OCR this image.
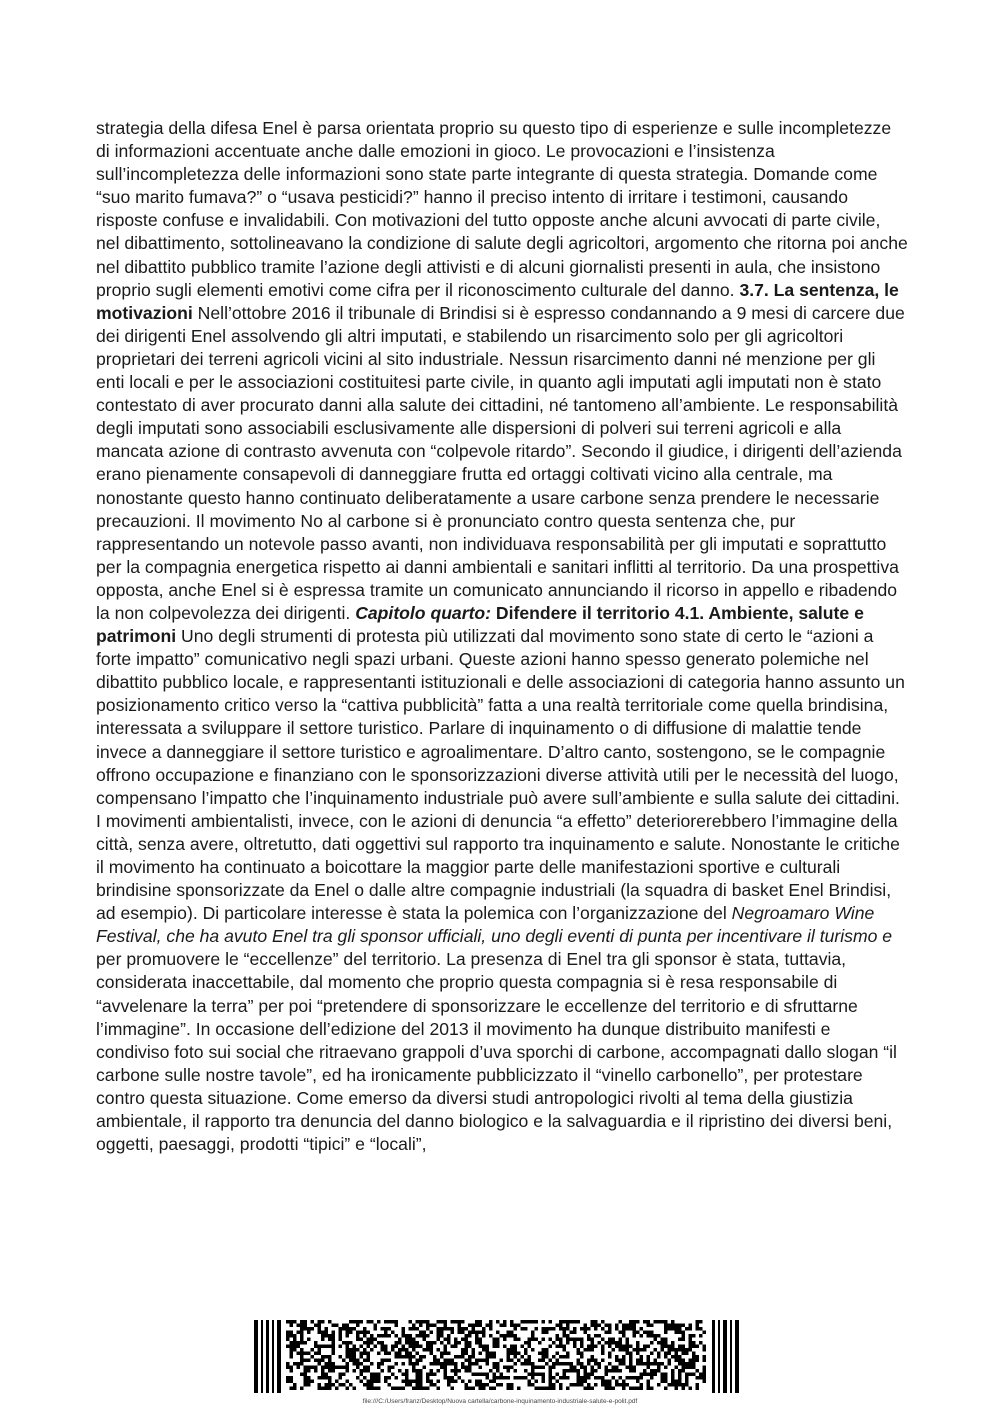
strategia della difesa Enel è parsa orientata proprio su questo tipo di esperienze e sulle incompletezze di informazioni accentuate anche dalle emozioni in gioco. Le provocazioni e l’insistenza sull’incompletezza delle informazioni sono state parte integrante di questa strategia. Domande come “suo marito fumava?” o “usava pesticidi?” hanno il preciso intento di irritare i testimoni, causando risposte confuse e invalidabili. Con motivazioni del tutto opposte anche alcuni avvocati di parte civile, nel dibattimento, sottolineavano la condizione di salute degli agricoltori, argomento che ritorna poi anche nel dibattito pubblico tramite l’azione degli attivisti e di alcuni giornalisti presenti in aula, che insistono proprio sugli elementi emotivi come cifra per il riconoscimento culturale del danno. 3.7. La sentenza, le motivazioni Nell’ottobre 2016 il tribunale di Brindisi si è espresso condannando a 9 mesi di carcere due dei dirigenti Enel assolvendo gli altri imputati, e stabilendo un risarcimento solo per gli agricoltori proprietari dei terreni agricoli vicini al sito industriale. Nessun risarcimento danni né menzione per gli enti locali e per le associazioni costituitesi parte civile, in quanto agli imputati agli imputati non è stato contestato di aver procurato danni alla salute dei cittadini, né tantomeno all’ambiente. Le responsabilità degli imputati sono associabili esclusivamente alle dispersioni di polveri sui terreni agricoli e alla mancata azione di contrasto avvenuta con “colpevole ritardo”. Secondo il giudice, i dirigenti dell’azienda erano pienamente consapevoli di danneggiare frutta ed ortaggi coltivati vicino alla centrale, ma nonostante questo hanno continuato deliberatamente a usare carbone senza prendere le necessarie precauzioni. Il movimento No al carbone si è pronunciato contro questa sentenza che, pur rappresentando un notevole passo avanti, non individuava responsabilità per gli imputati e soprattutto per la compagnia energetica rispetto ai danni ambientali e sanitari inflitti al territorio. Da una prospettiva opposta, anche Enel si è espressa tramite un comunicato annunciando il ricorso in appello e ribadendo la non colpevolezza dei dirigenti. Capitolo quarto: Difendere il territorio 4.1. Ambiente, salute e patrimoni Uno degli strumenti di protesta più utilizzati dal movimento sono state di certo le “azioni a forte impatto” comunicativo negli spazi urbani. Queste azioni hanno spesso generato polemiche nel dibattito pubblico locale, e rappresentanti istituzionali e delle associazioni di categoria hanno assunto un posizionamento critico verso la “cattiva pubblicità” fatta a una realtà territoriale come quella brindisina, interessata a sviluppare il settore turistico. Parlare di inquinamento o di diffusione di malattie tende invece a danneggiare il settore turistico e agroalimentare. D’altro canto, sostengono, se le compagnie offrono occupazione e finanziano con le sponsorizzazioni diverse attività utili per le necessità del luogo, compensano l’impatto che l’inquinamento industriale può avere sull’ambiente e sulla salute dei cittadini. I movimenti ambientalisti, invece, con le azioni di denuncia “a effetto” deteriorerebbero l’immagine della città, senza avere, oltretutto, dati oggettivi sul rapporto tra inquinamento e salute. Nonostante le critiche il movimento ha continuato a boicottare la maggior parte delle manifestazioni sportive e culturali brindisine sponsorizzate da Enel o dalle altre compagnie industriali (la squadra di basket Enel Brindisi, ad esempio). Di particolare interesse è stata la polemica con l’organizzazione del Negroamaro Wine Festival, che ha avuto Enel tra gli sponsor ufficiali, uno degli eventi di punta per incentivare il turismo e per promuovere le “eccellenze” del territorio. La presenza di Enel tra gli sponsor è stata, tuttavia, considerata inaccettabile, dal momento che proprio questa compagnia si è resa responsabile di “avvelenare la terra” per poi “pretendere di sponsorizzare le eccellenze del territorio e di sfruttarne l’immagine”. In occasione dell’edizione del 2013 il movimento ha dunque distribuito manifesti e condiviso foto sui social che ritraevano grappoli d’uva sporchi di carbone, accompagnati dallo slogan “il carbone sulle nostre tavole”, ed ha ironicamente pubblicizzato il “vinello carbonello”, per protestare contro questa situazione. Come emerso da diversi studi antropologici rivolti al tema della giustizia ambientale, il rapporto tra denuncia del danno biologico e la salvaguardia e il ripristino dei diversi beni, oggetti, paesaggi, prodotti “tipici” e “locali”,

file:///C:/Users/franz/Desktop/Nuova cartella/carbone-inquinamento-industriale-salute-e-polit.pdf
